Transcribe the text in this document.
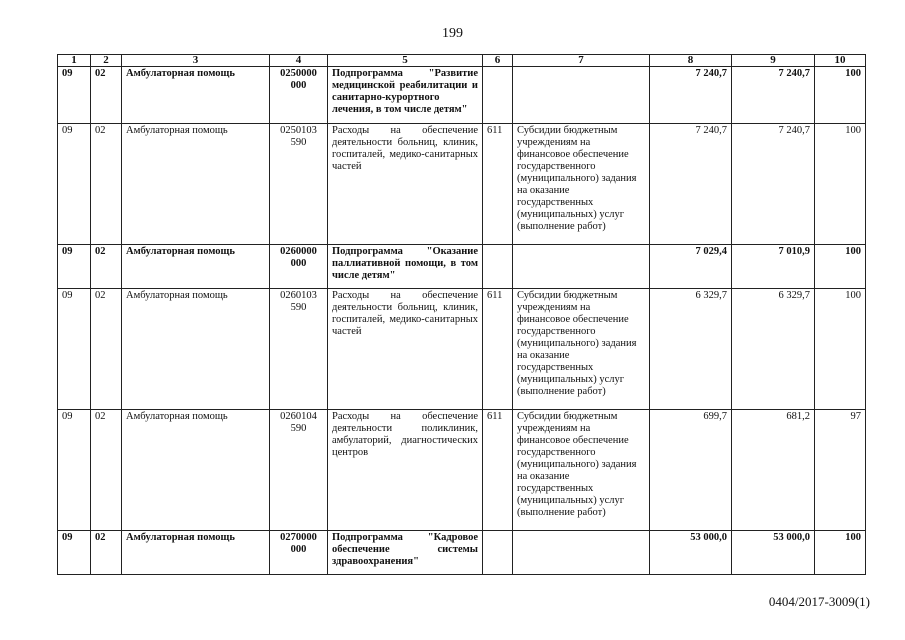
199
1	2	3	4	5	6	7	8	9	10
09	02	Амбулаторная помощь	0250000 000	Подпрограмма "Развитие медицинской реабилитации и санитарно-курортного лечения, в том числе детям"			7 240,7	7 240,7	100
09	02	Амбулаторная помощь	0250103 590	Расходы на обеспечение деятельности больниц, клиник, госпиталей, медико-санитарных частей	611	Субсидии бюджетным учреждениям на финансовое обеспечение государственного (муниципального) задания на оказание государственных (муниципальных) услуг (выполнение работ)	7 240,7	7 240,7	100
09	02	Амбулаторная помощь	0260000 000	Подпрограмма "Оказание паллиативной помощи, в том числе детям"			7 029,4	7 010,9	100
09	02	Амбулаторная помощь	0260103 590	Расходы на обеспечение деятельности больниц, клиник, госпиталей, медико-санитарных частей	611	Субсидии бюджетным учреждениям на финансовое обеспечение государственного (муниципального) задания на оказание государственных (муниципальных) услуг (выполнение работ)	6 329,7	6 329,7	100
09	02	Амбулаторная помощь	0260104 590	Расходы на обеспечение деятельности поликлиник, амбулаторий, диагностических центров	611	Субсидии бюджетным учреждениям на финансовое обеспечение государственного (муниципального) задания на оказание государственных (муниципальных) услуг (выполнение работ)	699,7	681,2	97
09	02	Амбулаторная помощь	0270000 000	Подпрограмма "Кадровое обеспечение системы здравоохранения"			53 000,0	53 000,0	100
0404/2017-3009(1)
